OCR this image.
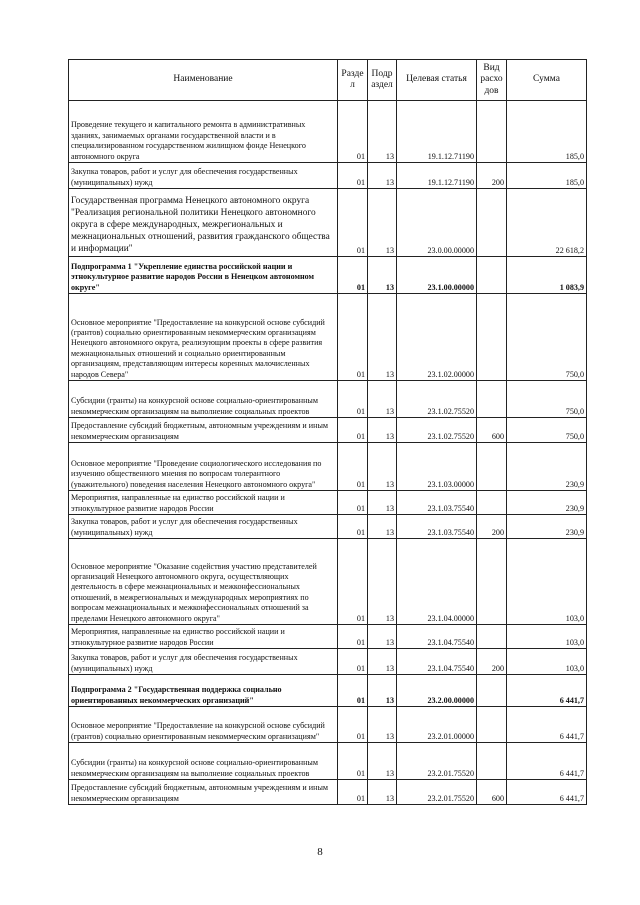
Наименование	Разде л	Подр аздел	Целевая статья	Вид расхо дов	Сумма
Проведение текущего и капитального ремонта в административных зданиях, занимаемых органами государственной власти и в специализированном государственном жилищном фонде Ненецкого автономного округа	01	13	19.1.12.71190		185,0
Закупка товаров, работ и услуг для обеспечения государственных (муниципальных) нужд	01	13	19.1.12.71190	200	185,0
Государственная программа Ненецкого автономного округа "Реализация региональной политики Ненецкого автономного округа в сфере международных, межрегиональных и межнациональных отношений, развития гражданского общества и информации"	01	13	23.0.00.00000		22 618,2
Подпрограмма 1 "Укрепление единства российской нации и этнокультурное развитие народов России в Ненецком автономном округе"	01	13	23.1.00.00000		1 083,9
Основное мероприятие "Предоставление на конкурсной основе субсидий (грантов) социально ориентированным некоммерческим организациям Ненецкого автономного округа, реализующим проекты в сфере развития межнациональных отношений и социально ориентированным организациям, представляющим интересы коренных малочисленных народов Севера"	01	13	23.1.02.00000		750,0
Субсидии (гранты) на конкурсной основе социально-ориентированным некоммерческим организациям на выполнение социальных проектов	01	13	23.1.02.75520		750,0
Предоставление субсидий бюджетным, автономным учреждениям и иным некоммерческим организациям	01	13	23.1.02.75520	600	750,0
Основное мероприятие "Проведение социологического исследования по изучению общественного мнения по вопросам толерантного (уважительного) поведения населения Ненецкого автономного округа"	01	13	23.1.03.00000		230,9
Мероприятия, направленные на единство российской нации и этнокультурное развитие народов России	01	13	23.1.03.75540		230,9
Закупка товаров, работ и услуг для обеспечения государственных (муниципальных) нужд	01	13	23.1.03.75540	200	230,9
Основное мероприятие "Оказание содействия участию представителей организаций Ненецкого автономного округа, осуществляющих деятельность в сфере межнациональных и межконфессиональных отношений, в межрегиональных и международных мероприятиях по вопросам межнациональных и межконфессиональных отношений за пределами Ненецкого автономного округа"	01	13	23.1.04.00000		103,0
Мероприятия, направленные на единство российской нации и этнокультурное развитие народов России	01	13	23.1.04.75540		103,0
Закупка товаров, работ и услуг для обеспечения государственных (муниципальных) нужд	01	13	23.1.04.75540	200	103,0
Подпрограмма 2 "Государственная поддержка социально ориентированных некоммерческих организаций"	01	13	23.2.00.00000		6 441,7
Основное мероприятие "Предоставление на конкурсной основе субсидий (грантов) социально ориентированным некоммерческим организациям"	01	13	23.2.01.00000		6 441,7
Субсидии (гранты) на конкурсной основе социально-ориентированным некоммерческим организациям на выполнение социальных проектов	01	13	23.2.01.75520		6 441,7
Предоставление субсидий бюджетным, автономным учреждениям и иным некоммерческим организациям	01	13	23.2.01.75520	600	6 441,7
8
